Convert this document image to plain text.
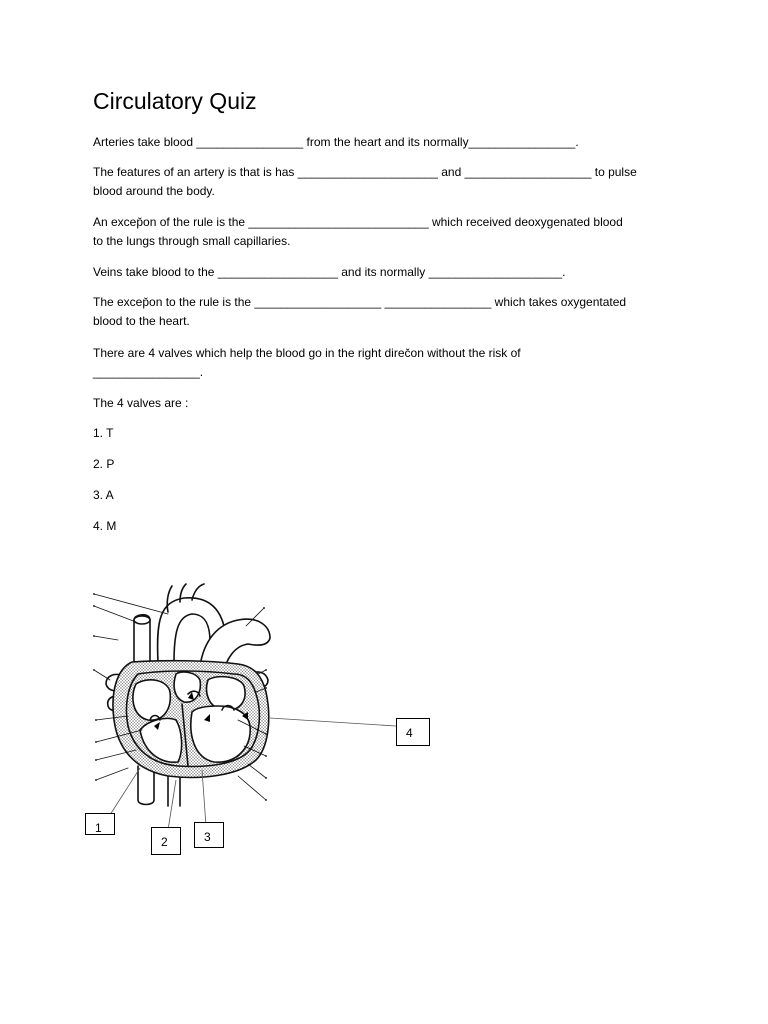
Circulatory Quiz
Arteries take blood ________________ from the heart and its normally________________.
The features of an artery is that is has _____________________ and ___________________ to pulse
blood around the body.
An excep̆on of the rule is the ___________________________ which received deoxygenated blood
to the lungs through small capillaries.
Veins take blood to the __________________ and its normally ____________________.
The excep̆on to the rule is the ___________________ ________________ which takes oxygentated
blood to the heart.
There are 4 valves which help the blood go in the right direc̆on without the risk of
________________.
The 4 valves are :
1. T
2. P
3. A
4. M
1
2	3
4
